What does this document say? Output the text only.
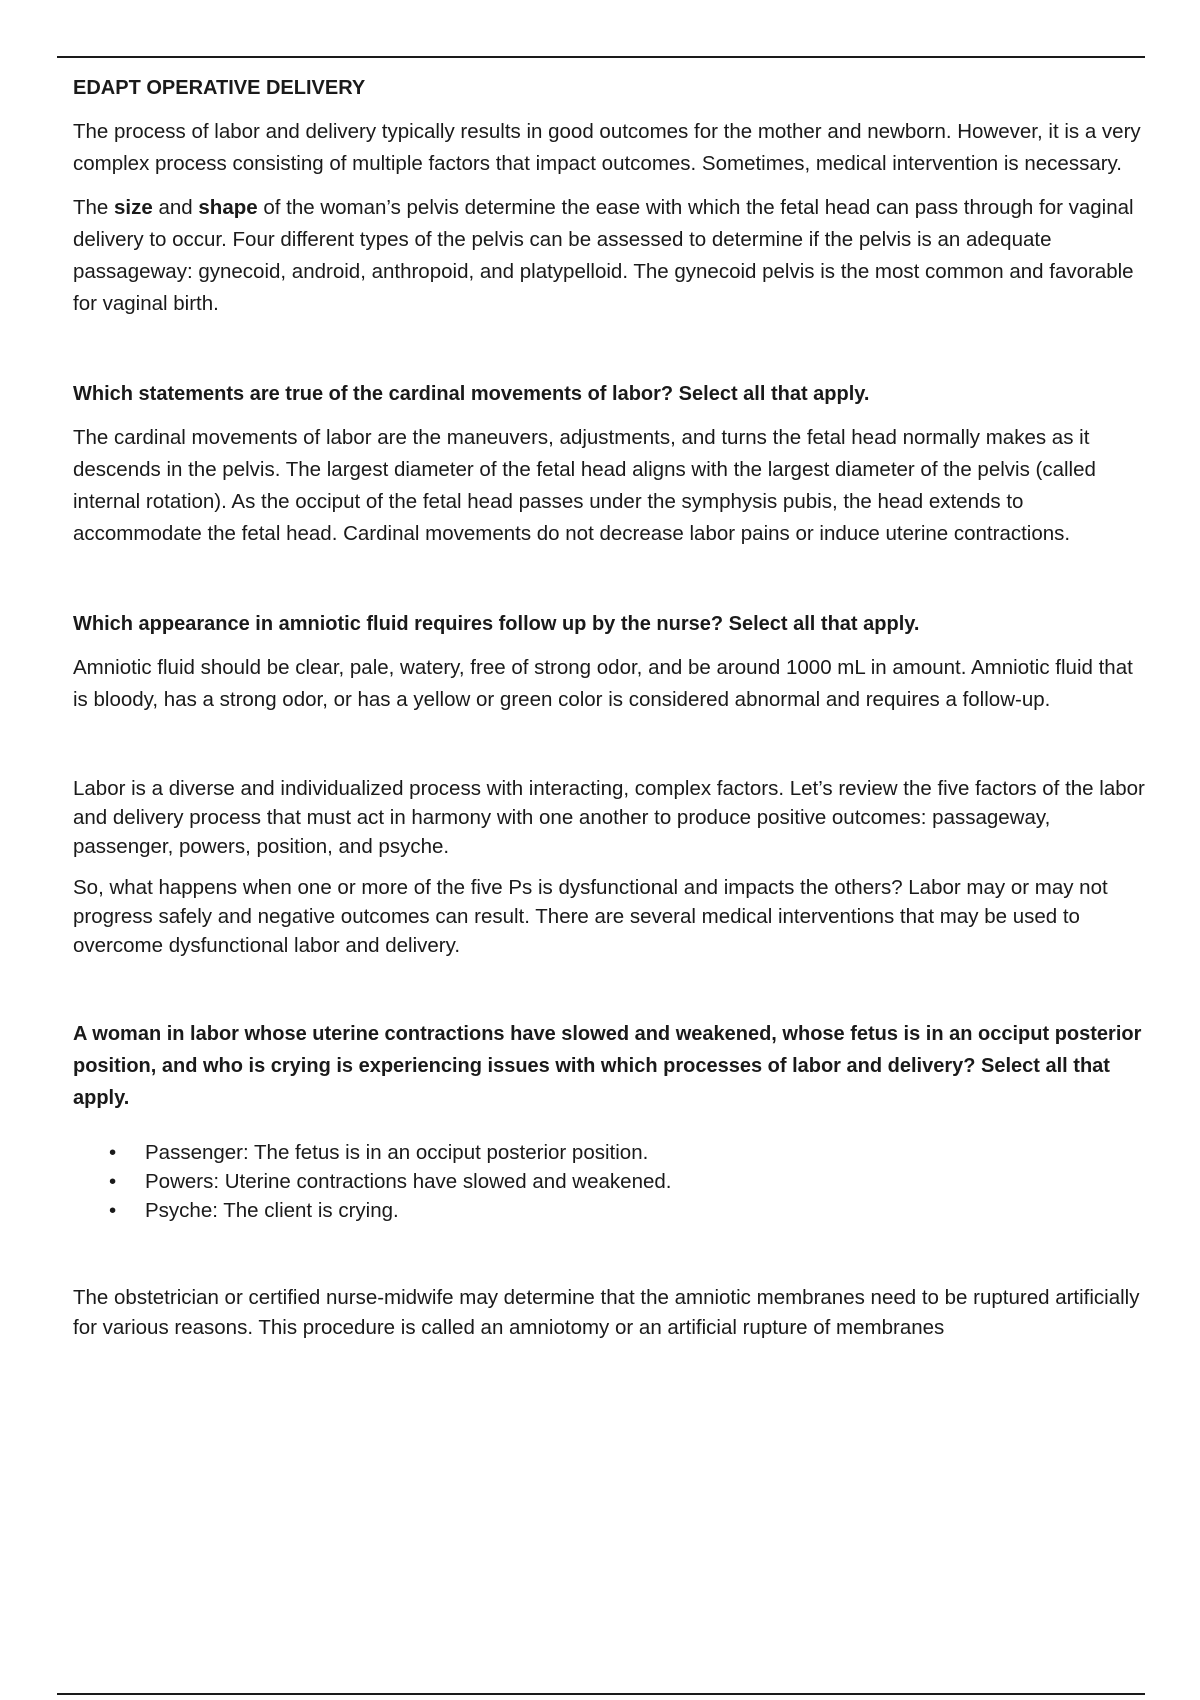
EDAPT OPERATIVE DELIVERY

The process of labor and delivery typically results in good outcomes for the mother and newborn. However, it is a very complex process consisting of multiple factors that impact outcomes. Sometimes, medical intervention is necessary.

The size and shape of the woman’s pelvis determine the ease with which the fetal head can pass through for vaginal delivery to occur. Four different types of the pelvis can be assessed to determine if the pelvis is an adequate passageway: gynecoid, android, anthropoid, and platypelloid. The gynecoid pelvis is the most common and favorable for vaginal birth.

Which statements are true of the cardinal movements of labor? Select all that apply.

The cardinal movements of labor are the maneuvers, adjustments, and turns the fetal head normally makes as it descends in the pelvis. The largest diameter of the fetal head aligns with the largest diameter of the pelvis (called internal rotation). As the occiput of the fetal head passes under the symphysis pubis, the head extends to accommodate the fetal head. Cardinal movements do not decrease labor pains or induce uterine contractions.

Which appearance in amniotic fluid requires follow up by the nurse? Select all that apply.

Amniotic fluid should be clear, pale, watery, free of strong odor, and be around 1000 mL in amount. Amniotic fluid that is bloody, has a strong odor, or has a yellow or green color is considered abnormal and requires a follow-up.

Labor is a diverse and individualized process with interacting, complex factors. Let’s review the five factors of the labor and delivery process that must act in harmony with one another to produce positive outcomes: passageway, passenger, powers, position, and psyche.

So, what happens when one or more of the five Ps is dysfunctional and impacts the others? Labor may or may not progress safely and negative outcomes can result. There are several medical interventions that may be used to overcome dysfunctional labor and delivery.

A woman in labor whose uterine contractions have slowed and weakened, whose fetus is in an occiput posterior position, and who is crying is experiencing issues with which processes of labor and delivery? Select all that apply.

• Passenger: The fetus is in an occiput posterior position.
• Powers: Uterine contractions have slowed and weakened.
• Psyche: The client is crying.

The obstetrician or certified nurse-midwife may determine that the amniotic membranes need to be ruptured artificially for various reasons. This procedure is called an amniotomy or an artificial rupture of membranes
